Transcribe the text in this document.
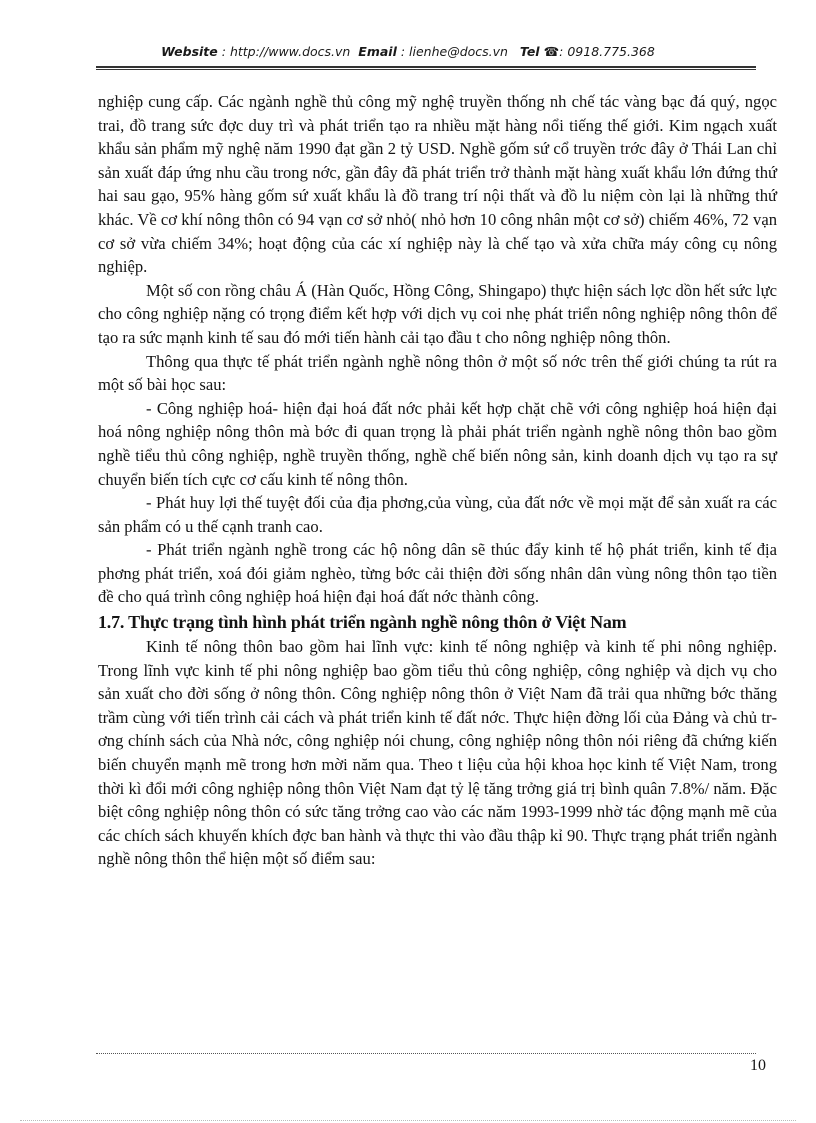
Website : http://www.docs.vn Email : lienhe@docs.vn Tel ☎: 0918.775.368

nghiệp cung cấp. Các ngành nghề thủ công mỹ nghệ truyền thống nh chế tác vàng bạc đá quý, ngọc trai, đồ trang sức đợc duy trì và phát triển tạo ra nhiều mặt hàng nổi tiếng thế giới. Kim ngạch xuất khẩu sản phẩm mỹ nghệ năm 1990 đạt gần 2 tỷ USD. Nghề gốm sứ cổ truyền trớc đây ở Thái Lan chỉ sản xuất đáp ứng nhu cầu trong nớc, gần đây đã phát triển trở thành mặt hàng xuất khẩu lớn đứng thứ hai sau gạo, 95% hàng gốm sứ xuất khẩu là đồ trang trí nội thất và đồ lu niệm còn lại là những thứ khác. Về cơ khí nông thôn có 94 vạn cơ sở nhỏ( nhỏ hơn 10 công nhân một cơ sở) chiếm 46%, 72 vạn cơ sở vừa chiếm 34%; hoạt động của các xí nghiệp này là chế tạo và xửa chữa máy công cụ nông nghiệp.

Một số con rồng châu Á (Hàn Quốc, Hồng Công, Shingapo) thực hiện sách lợc dồn hết sức lực cho công nghiệp nặng có trọng điểm kết hợp với dịch vụ coi nhẹ phát triển nông nghiệp nông thôn để tạo ra sức mạnh kinh tế sau đó mới tiến hành cải tạo đầu t cho nông nghiệp nông thôn.

Thông qua thực tế phát triển ngành nghề nông thôn ở một số nớc trên thế giới chúng ta rút ra một số bài học sau:

- Công nghiệp hoá- hiện đại hoá đất nớc phải kết hợp chặt chẽ với công nghiệp hoá hiện đại hoá nông nghiệp nông thôn mà bớc đi quan trọng là phải phát triển ngành nghề nông thôn bao gồm nghề tiểu thủ công nghiệp, nghề truyền thống, nghề chế biến nông sản, kinh doanh dịch vụ tạo ra sự chuyển biến tích cực cơ cấu kinh tế nông thôn.

- Phát huy lợi thế tuyệt đối của địa phơng,của vùng, của đất nớc về mọi mặt để sản xuất ra các sản phẩm có u thế cạnh tranh cao.

- Phát triển ngành nghề trong các hộ nông dân sẽ thúc đẩy kinh tế hộ phát triển, kinh tế địa phơng phát triển, xoá đói giảm nghèo, từng bớc cải thiện đời sống nhân dân vùng nông thôn tạo tiền đề cho quá trình công nghiệp hoá hiện đại hoá đất nớc thành công.

1.7. Thực trạng tình hình phát triển ngành nghề nông thôn ở Việt Nam

Kinh tế nông thôn bao gồm hai lĩnh vực: kinh tế nông nghiệp và kinh tế phi nông nghiệp. Trong lĩnh vực kinh tế phi nông nghiệp bao gồm tiểu thủ công nghiệp, công nghiệp và dịch vụ cho sản xuất cho đời sống ở nông thôn. Công nghiệp nông thôn ở Việt Nam đã trải qua những bớc thăng trầm cùng với tiến trình cải cách và phát triển kinh tế đất nớc. Thực hiện đờng lối của Đảng và chủ trơng chính sách của Nhà nớc, công nghiệp nói chung, công nghiệp nông thôn nói riêng đã chứng kiến biến chuyển mạnh mẽ trong hơn mời năm qua. Theo t liệu của hội khoa học kinh tế Việt Nam, trong thời kì đổi mới công nghiệp nông thôn Việt Nam đạt tỷ lệ tăng trởng giá trị bình quân 7.8%/ năm. Đặc biệt công nghiệp nông thôn có sức tăng trởng cao vào các năm 1993-1999 nhờ tác động mạnh mẽ của các chích sách khuyến khích đợc ban hành và thực thi vào đầu thập kỉ 90. Thực trạng phát triển ngành nghề nông thôn thể hiện một số điểm sau:

10
